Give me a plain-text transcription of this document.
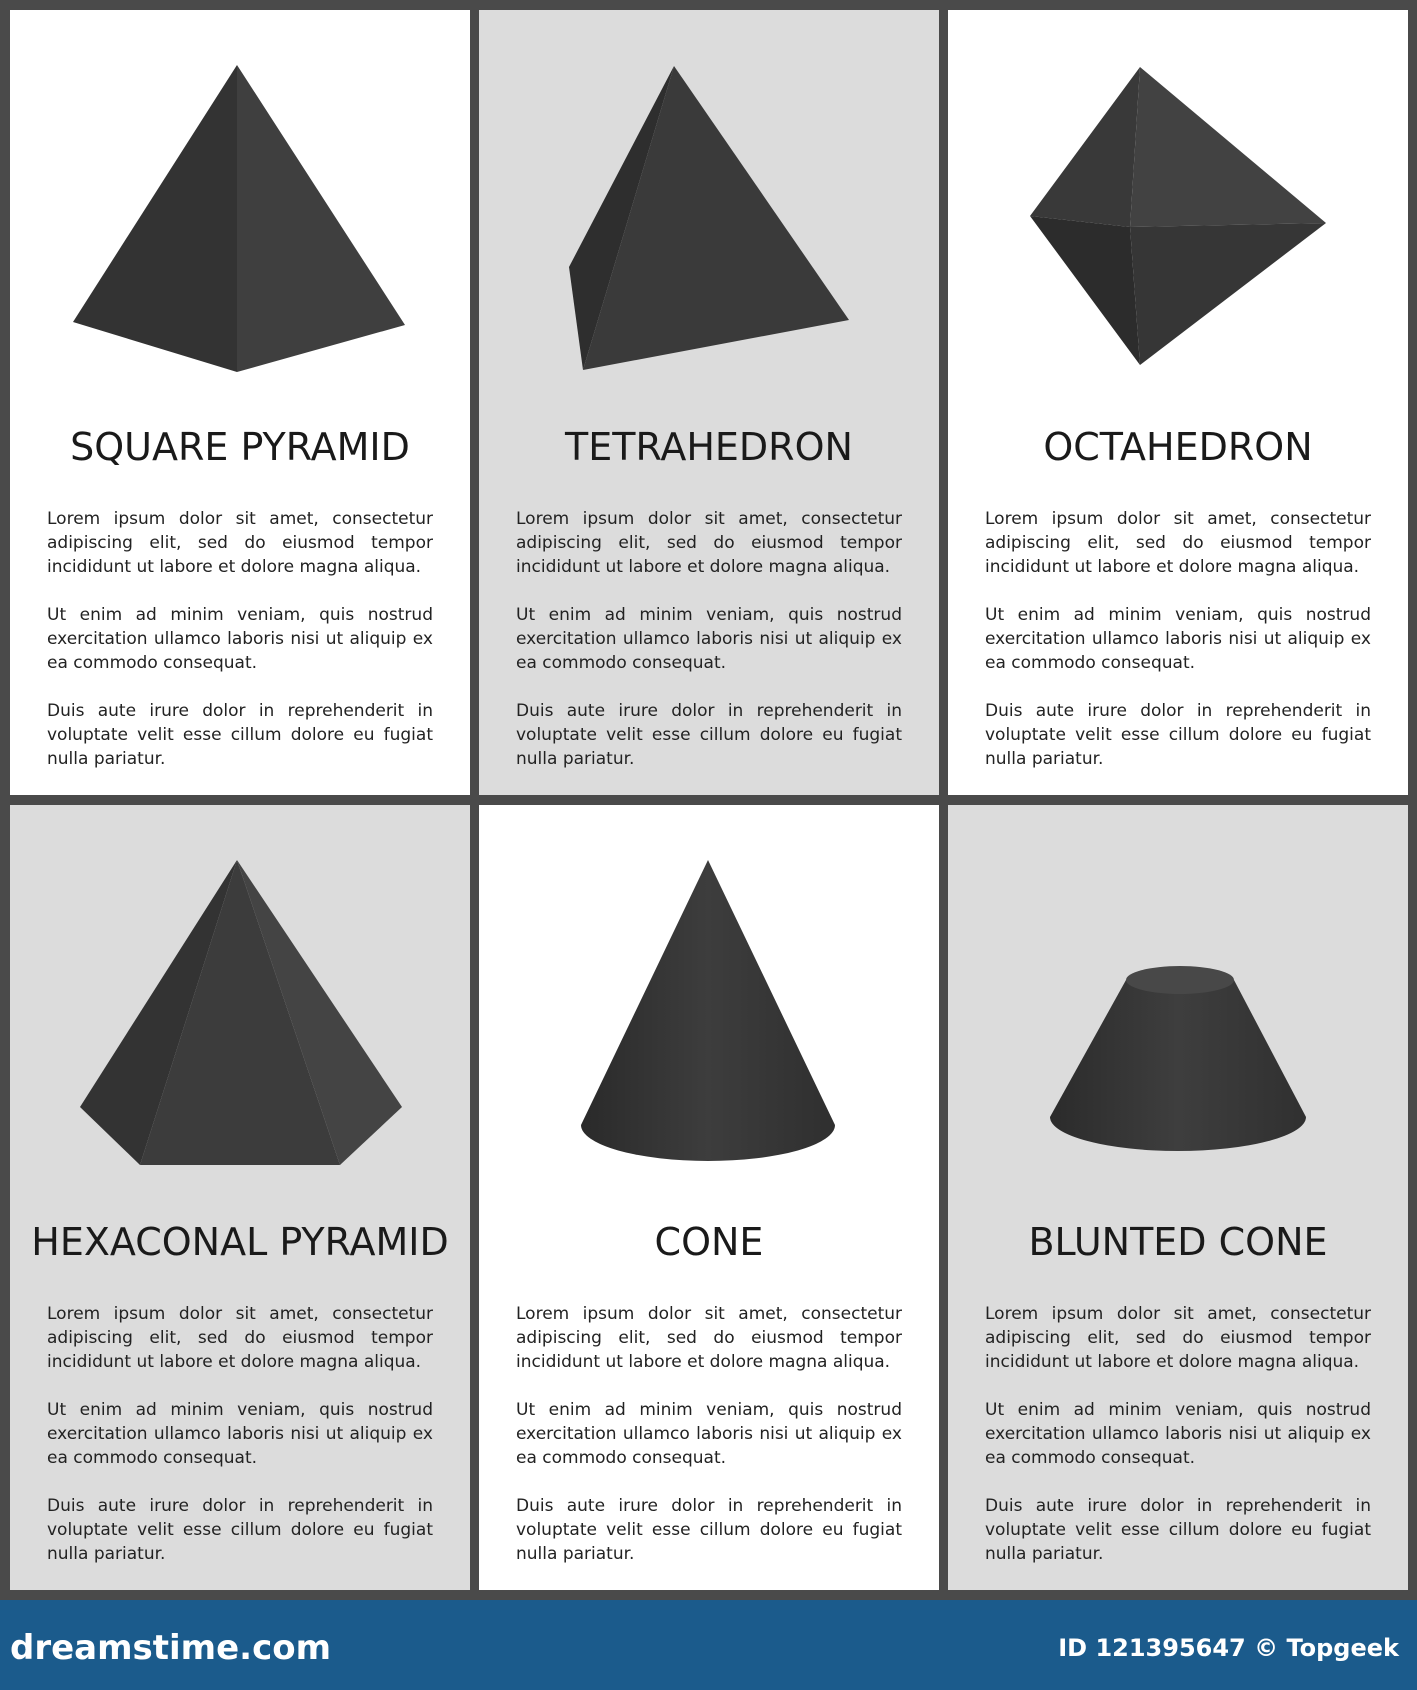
SQUARE PYRAMID

Lorem ipsum dolor sit amet, consectetur adipiscing elit, sed do eiusmod tempor incididunt ut labore et dolore magna aliqua.

Ut enim ad minim veniam, quis nostrud exercitation ullamco laboris nisi ut aliquip ex ea commodo consequat.

Duis aute irure dolor in reprehenderit in voluptate velit esse cillum dolore eu fugiat nulla pariatur.

TETRAHEDRON

Lorem ipsum dolor sit amet, consectetur adipiscing elit, sed do eiusmod tempor incididunt ut labore et dolore magna aliqua.

Ut enim ad minim veniam, quis nostrud exercitation ullamco laboris nisi ut aliquip ex ea commodo consequat.

Duis aute irure dolor in reprehenderit in voluptate velit esse cillum dolore eu fugiat nulla pariatur.

OCTAHEDRON

Lorem ipsum dolor sit amet, consectetur adipiscing elit, sed do eiusmod tempor incididunt ut labore et dolore magna aliqua.

Ut enim ad minim veniam, quis nostrud exercitation ullamco laboris nisi ut aliquip ex ea commodo consequat.

Duis aute irure dolor in reprehenderit in voluptate velit esse cillum dolore eu fugiat nulla pariatur.

HEXACONAL PYRAMID

Lorem ipsum dolor sit amet, consectetur adipiscing elit, sed do eiusmod tempor incididunt ut labore et dolore magna aliqua.

Ut enim ad minim veniam, quis nostrud exercitation ullamco laboris nisi ut aliquip ex ea commodo consequat.

Duis aute irure dolor in reprehenderit in voluptate velit esse cillum dolore eu fugiat nulla pariatur.

CONE

Lorem ipsum dolor sit amet, consectetur adipiscing elit, sed do eiusmod tempor incididunt ut labore et dolore magna aliqua.

Ut enim ad minim veniam, quis nostrud exercitation ullamco laboris nisi ut aliquip ex ea commodo consequat.

Duis aute irure dolor in reprehenderit in voluptate velit esse cillum dolore eu fugiat nulla pariatur.

BLUNTED CONE

Lorem ipsum dolor sit amet, consectetur adipiscing elit, sed do eiusmod tempor incididunt ut labore et dolore magna aliqua.

Ut enim ad minim veniam, quis nostrud exercitation ullamco laboris nisi ut aliquip ex ea commodo consequat.

Duis aute irure dolor in reprehenderit in voluptate velit esse cillum dolore eu fugiat nulla pariatur.

dreamstime.com	ID 121395647 © Topgeek
